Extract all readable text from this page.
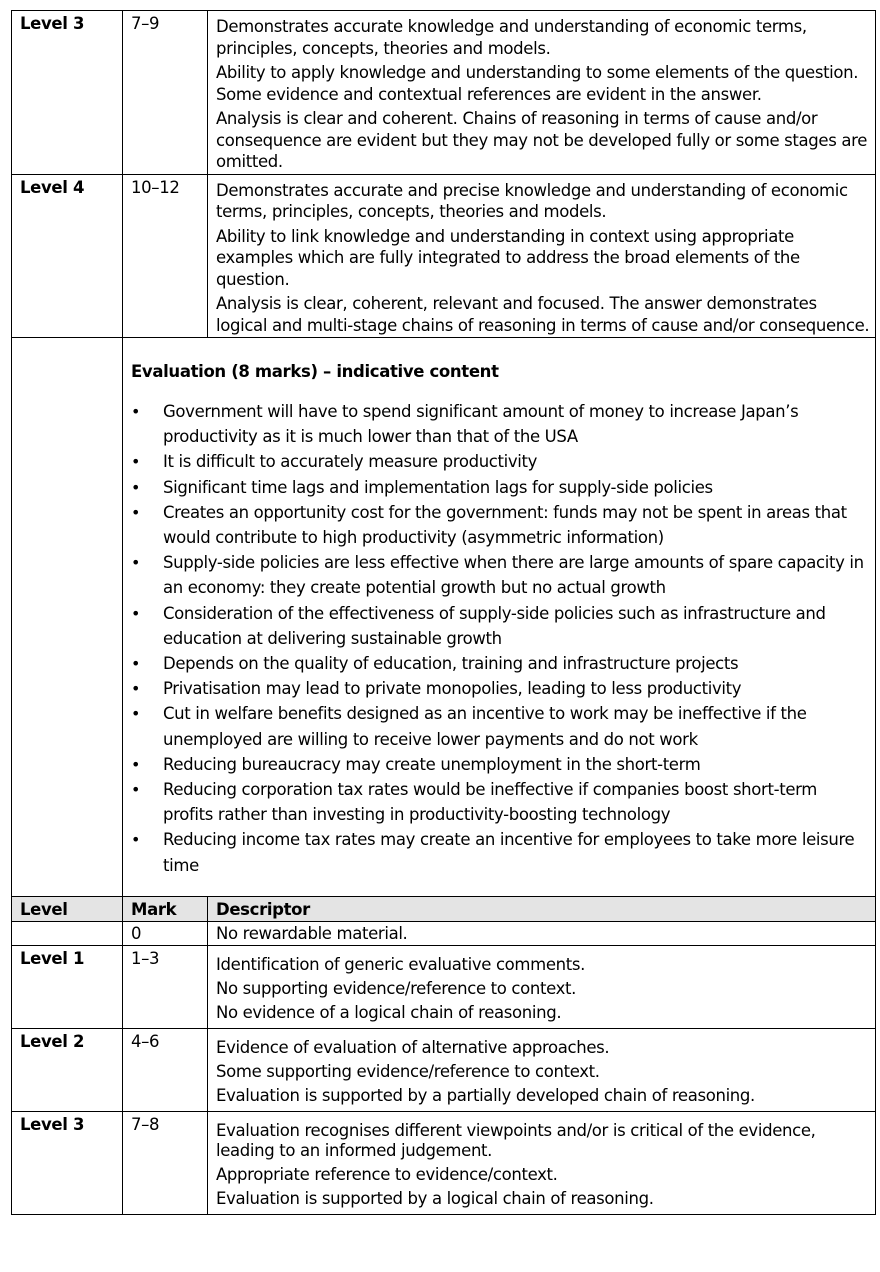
Level 3	7–9	Demonstrates accurate knowledge and understanding of economic terms, principles, concepts, theories and models.

Ability to apply knowledge and understanding to some elements of the question. Some evidence and contextual references are evident in the answer.

Analysis is clear and coherent. Chains of reasoning in terms of cause and/or consequence are evident but they may not be developed fully or some stages are omitted.

Level 4	10–12	Demonstrates accurate and precise knowledge and understanding of economic terms, principles, concepts, theories and models.

Ability to link knowledge and understanding in context using appropriate examples which are fully integrated to address the broad elements of the question.

Analysis is clear, coherent, relevant and focused. The answer demonstrates logical and multi-stage chains of reasoning in terms of cause and/or consequence.

Evaluation (8 marks) – indicative content
• Government will have to spend significant amount of money to increase Japan’s productivity as it is much lower than that of the USA
• It is difficult to accurately measure productivity
• Significant time lags and implementation lags for supply-side policies
• Creates an opportunity cost for the government: funds may not be spent in areas that would contribute to high productivity (asymmetric information)
• Supply-side policies are less effective when there are large amounts of spare capacity in an economy: they create potential growth but no actual growth
• Consideration of the effectiveness of supply-side policies such as infrastructure and education at delivering sustainable growth
• Depends on the quality of education, training and infrastructure projects
• Privatisation may lead to private monopolies, leading to less productivity
• Cut in welfare benefits designed as an incentive to work may be ineffective if the unemployed are willing to receive lower payments and do not work
• Reducing bureaucracy may create unemployment in the short-term
• Reducing corporation tax rates would be ineffective if companies boost short-term profits rather than investing in productivity-boosting technology
• Reducing income tax rates may create an incentive for employees to take more leisure time

Level	Mark	Descriptor
	0	No rewardable material.

Level 1	1–3	Identification of generic evaluative comments.

No supporting evidence/reference to context.

No evidence of a logical chain of reasoning.

Level 2	4–6	Evidence of evaluation of alternative approaches.

Some supporting evidence/reference to context.

Evaluation is supported by a partially developed chain of reasoning.

Level 3	7–8	Evaluation recognises different viewpoints and/or is critical of the evidence, leading to an informed judgement.

Appropriate reference to evidence/context.

Evaluation is supported by a logical chain of reasoning.
